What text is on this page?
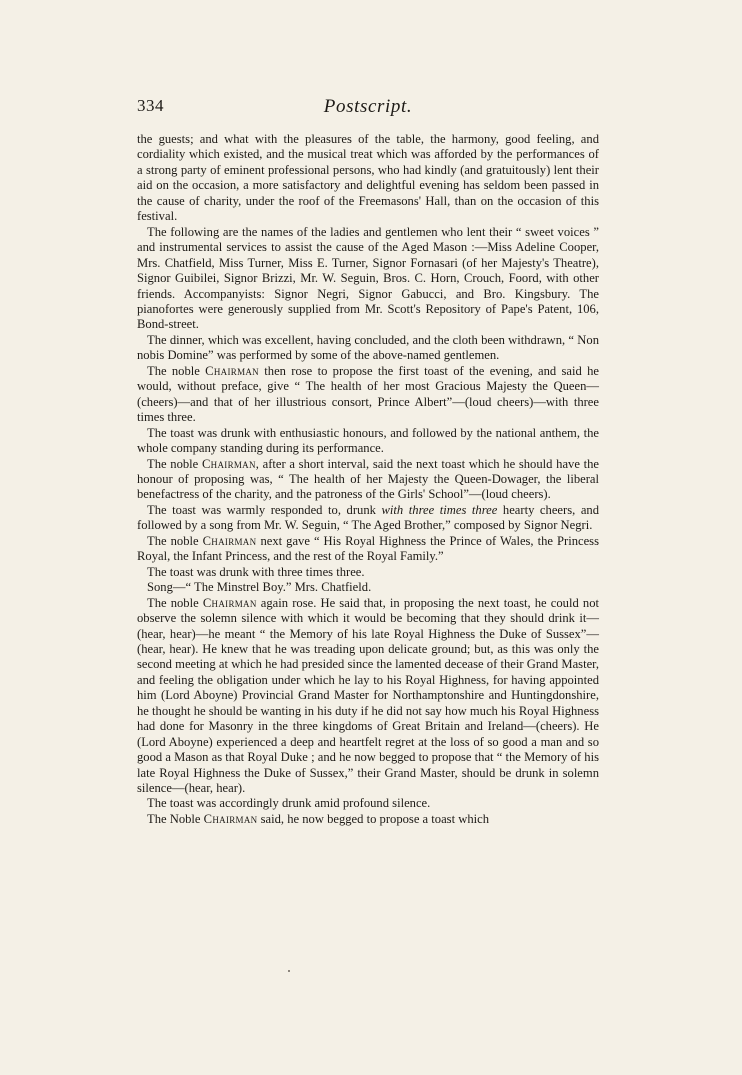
334	Postscript.

the guests; and what with the pleasures of the table, the harmony, good feeling, and cordiality which existed, and the musical treat which was afforded by the performances of a strong party of eminent professional persons, who had kindly (and gratuitously) lent their aid on the occasion, a more satisfactory and delightful evening has seldom been passed in the cause of charity, under the roof of the Freemasons' Hall, than on the occasion of this festival.

The following are the names of the ladies and gentlemen who lent their “ sweet voices ” and instrumental services to assist the cause of the Aged Mason :—Miss Adeline Cooper, Mrs. Chatfield, Miss Turner, Miss E. Turner, Signor Fornasari (of her Majesty's Theatre), Signor Guibilei, Signor Brizzi, Mr. W. Seguin, Bros. C. Horn, Crouch, Foord, with other friends. Accompanyists: Signor Negri, Signor Gabucci, and Bro. Kingsbury. The pianofortes were generously supplied from Mr. Scott's Repository of Pape's Patent, 106, Bond-street.

The dinner, which was excellent, having concluded, and the cloth been withdrawn, “ Non nobis Domine” was performed by some of the above-named gentlemen.

The noble Chairman then rose to propose the first toast of the evening, and said he would, without preface, give “ The health of her most Gracious Majesty the Queen—(cheers)—and that of her illustrious consort, Prince Albert”—(loud cheers)—with three times three.

The toast was drunk with enthusiastic honours, and followed by the national anthem, the whole company standing during its performance.

The noble Chairman, after a short interval, said the next toast which he should have the honour of proposing was, “ The health of her Majesty the Queen-Dowager, the liberal benefactress of the charity, and the patroness of the Girls' School”—(loud cheers).

The toast was warmly responded to, drunk with three times three hearty cheers, and followed by a song from Mr. W. Seguin, “ The Aged Brother,” composed by Signor Negri.

The noble Chairman next gave “ His Royal Highness the Prince of Wales, the Princess Royal, the Infant Princess, and the rest of the Royal Family.”

The toast was drunk with three times three.

Song—“ The Minstrel Boy.” Mrs. Chatfield.

The noble Chairman again rose. He said that, in proposing the next toast, he could not observe the solemn silence with which it would be becoming that they should drink it—(hear, hear)—he meant “ the Memory of his late Royal Highness the Duke of Sussex”—(hear, hear). He knew that he was treading upon delicate ground; but, as this was only the second meeting at which he had presided since the lamented decease of their Grand Master, and feeling the obligation under which he lay to his Royal Highness, for having appointed him (Lord Aboyne) Provincial Grand Master for Northamptonshire and Huntingdonshire, he thought he should be wanting in his duty if he did not say how much his Royal Highness had done for Masonry in the three kingdoms of Great Britain and Ireland—(cheers). He (Lord Aboyne) experienced a deep and heartfelt regret at the loss of so good a man and so good a Mason as that Royal Duke ; and he now begged to propose that “ the Memory of his late Royal Highness the Duke of Sussex,” their Grand Master, should be drunk in solemn silence—(hear, hear).

The toast was accordingly drunk amid profound silence.

The Noble Chairman said, he now begged to propose a toast which
